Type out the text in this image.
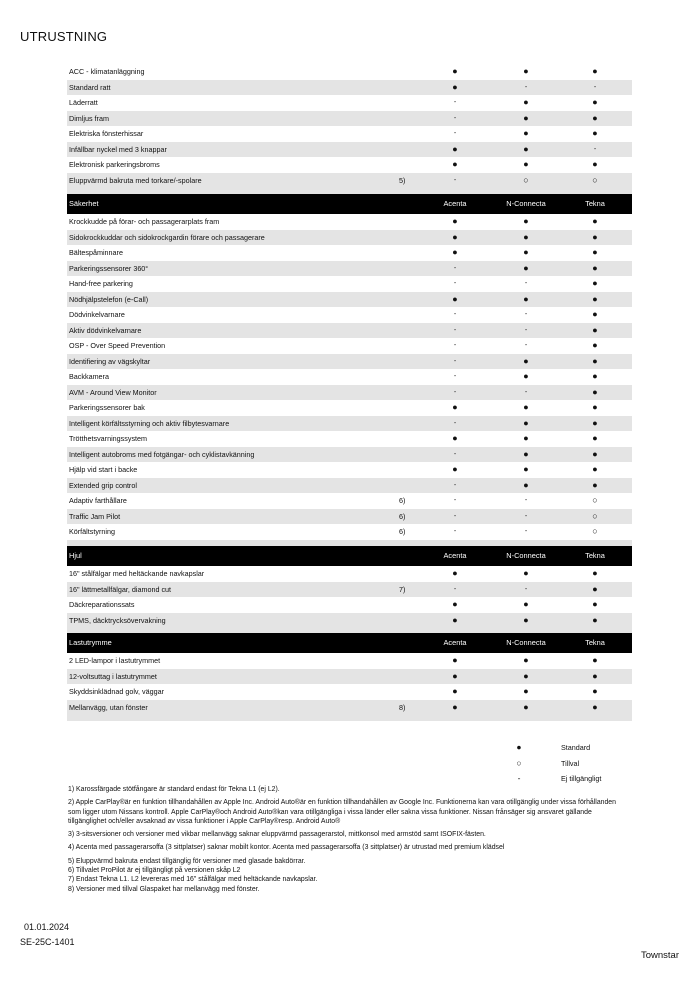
UTRUSTNING
ACC - klimatanläggning	●	●	●
Standard ratt	●	-	-
Läderratt	-	●	●
Dimljus fram	-	●	●
Elektriska fönsterhissar	-	●	●
Infällbar nyckel med 3 knappar	●	●	-
Elektronisk parkeringsbroms	●	●	●
Eluppvärmd bakruta med torkare/-spolare	5)	-	○	○
Säkerhet	Acenta	N-Connecta	Tekna
Krockkudde på förar- och passagerarplats fram	●	●	●
Sidokrockkuddar och sidokrockgardin förare och passagerare	●	●	●
Bältespåminnare	●	●	●
Parkeringssensorer 360°	-	●	●
Hand-free parkering	-	-	●
Nödhjälpstelefon (e-Call)	●	●	●
Dödvinkelvarnare	-	-	●
Aktiv dödvinkelvarnare	-	-	●
OSP - Over Speed Prevention	-	-	●
Identifiering av vägskyltar	-	●	●
Backkamera	-	●	●
AVM - Around View Monitor	-	-	●
Parkeringssensorer bak	●	●	●
Intelligent körfältsstyrning och aktiv filbytesvarnare	-	●	●
Trötthetsvarningssystem	●	●	●
Intelligent autobroms med fotgängar- och cyklistavkänning	-	●	●
Hjälp vid start i backe	●	●	●
Extended grip control	-	●	●
Adaptiv farthållare	6)	-	-	○
Traffic Jam Pilot	6)	-	-	○
Körfältstyrning	6)	-	-	○
Hjul	Acenta	N-Connecta	Tekna
16" stålfälgar med heltäckande navkapslar	●	●	●
16" lättmetallfälgar, diamond cut	7)	-	-	●
Däckreparationssats	●	●	●
TPMS, däcktrycksövervakning	●	●	●
Lastutrymme	Acenta	N-Connecta	Tekna
2 LED-lampor i lastutrymmet	●	●	●
12-voltsuttag i lastutrymmet	●	●	●
Skyddsinklädnad golv, väggar	●	●	●
Mellanvägg, utan fönster	8)	●	●	●
●	Standard
○	Tillval
-	Ej tillgängligt

1) Karossfärgade stötfångare är standard endast för Tekna L1 (ej L2).

2) Apple CarPlay®är en funktion tillhandahållen av Apple Inc. Android Auto®är en funktion tillhandahållen av Google Inc. Funktionerna kan vara otillgänglig under vissa förhållanden som ligger utom Nissans kontroll. Apple CarPlay®och Android Auto®kan vara otillgängliga i vissa länder eller sakna vissa funktioner. Nissan frånsäger sig ansvaret gällande tillgänglighet och/eller avsaknad av vissa funktioner i Apple CarPlay®resp. Android Auto®

3) 3-sitsversioner och versioner med vikbar mellanvägg saknar eluppvärmd passagerarstol, mittkonsol med armstöd samt ISOFIX-fästen.

4) Acenta med passagerarsoffa (3 sittplatser) saknar mobilt kontor. Acenta med passagerarsoffa (3 sittplatser) är utrustad med premium klädsel

5) Eluppvärmd bakruta endast tillgänglig för versioner med glasade bakdörrar.

6) Tillvalet ProPilot är ej tillgängligt på versionen skåp L2

7) Endast Tekna L1. L2 levereras med 16" stålfälgar med heltäckande navkapslar.

8) Versioner med tillval Glaspaket har mellanvägg med fönster.

01.01.2024
SE-25C-1401
Townstar
